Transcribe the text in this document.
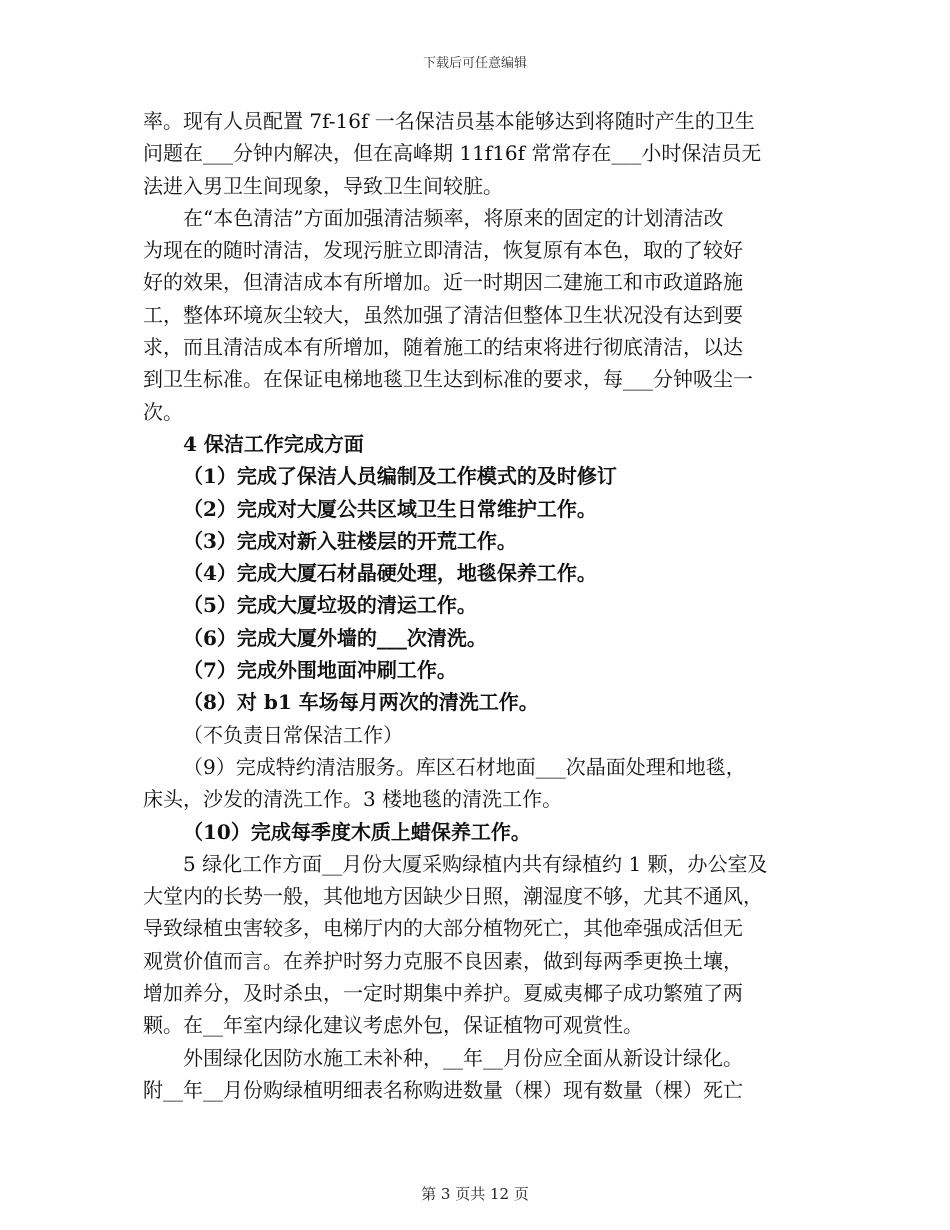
下载后可任意编辑
率。现有人员配置 7f-16f 一名保洁员基本能够达到将随时产生的卫生
问题在___分钟内解决，但在高峰期 11f16f 常常存在___小时保洁员无
法进入男卫生间现象，导致卫生间较脏。
在“本色清洁”方面加强清洁频率，将原来的固定的计划清洁改
为现在的随时清洁，发现污脏立即清洁，恢复原有本色，取的了较好
好的效果，但清洁成本有所增加。近一时期因二建施工和市政道路施
工，整体环境灰尘较大，虽然加强了清洁但整体卫生状况没有达到要
求，而且清洁成本有所增加，随着施工的结束将进行彻底清洁，以达
到卫生标准。在保证电梯地毯卫生达到标准的要求，每___分钟吸尘一
次。
4 保洁工作完成方面
（1）完成了保洁人员编制及工作模式的及时修订
（2）完成对大厦公共区域卫生日常维护工作。
（3）完成对新入驻楼层的开荒工作。
（4）完成大厦石材晶硬处理，地毯保养工作。
（5）完成大厦垃圾的清运工作。
（6）完成大厦外墙的___次清洗。
（7）完成外围地面冲刷工作。
（8）对 b1 车场每月两次的清洗工作。
（不负责日常保洁工作）
（9）完成特约清洁服务。库区石材地面___次晶面处理和地毯，
床头，沙发的清洗工作。3 楼地毯的清洗工作。
（10）完成每季度木质上蜡保养工作。
5 绿化工作方面__月份大厦采购绿植内共有绿植约 1 颗，办公室及
大堂内的长势一般，其他地方因缺少日照，潮湿度不够，尤其不通风，
导致绿植虫害较多，电梯厅内的大部分植物死亡，其他牵强成活但无
观赏价值而言。在养护时努力克服不良因素，做到每两季更换土壤，
增加养分，及时杀虫，一定时期集中养护。夏威夷椰子成功繁殖了两
颗。在__年室内绿化建议考虑外包，保证植物可观赏性。
外围绿化因防水施工未补种，__年__月份应全面从新设计绿化。
附__年__月份购绿植明细表名称购进数量（棵）现有数量（棵）死亡
第 3 页共 12 页
